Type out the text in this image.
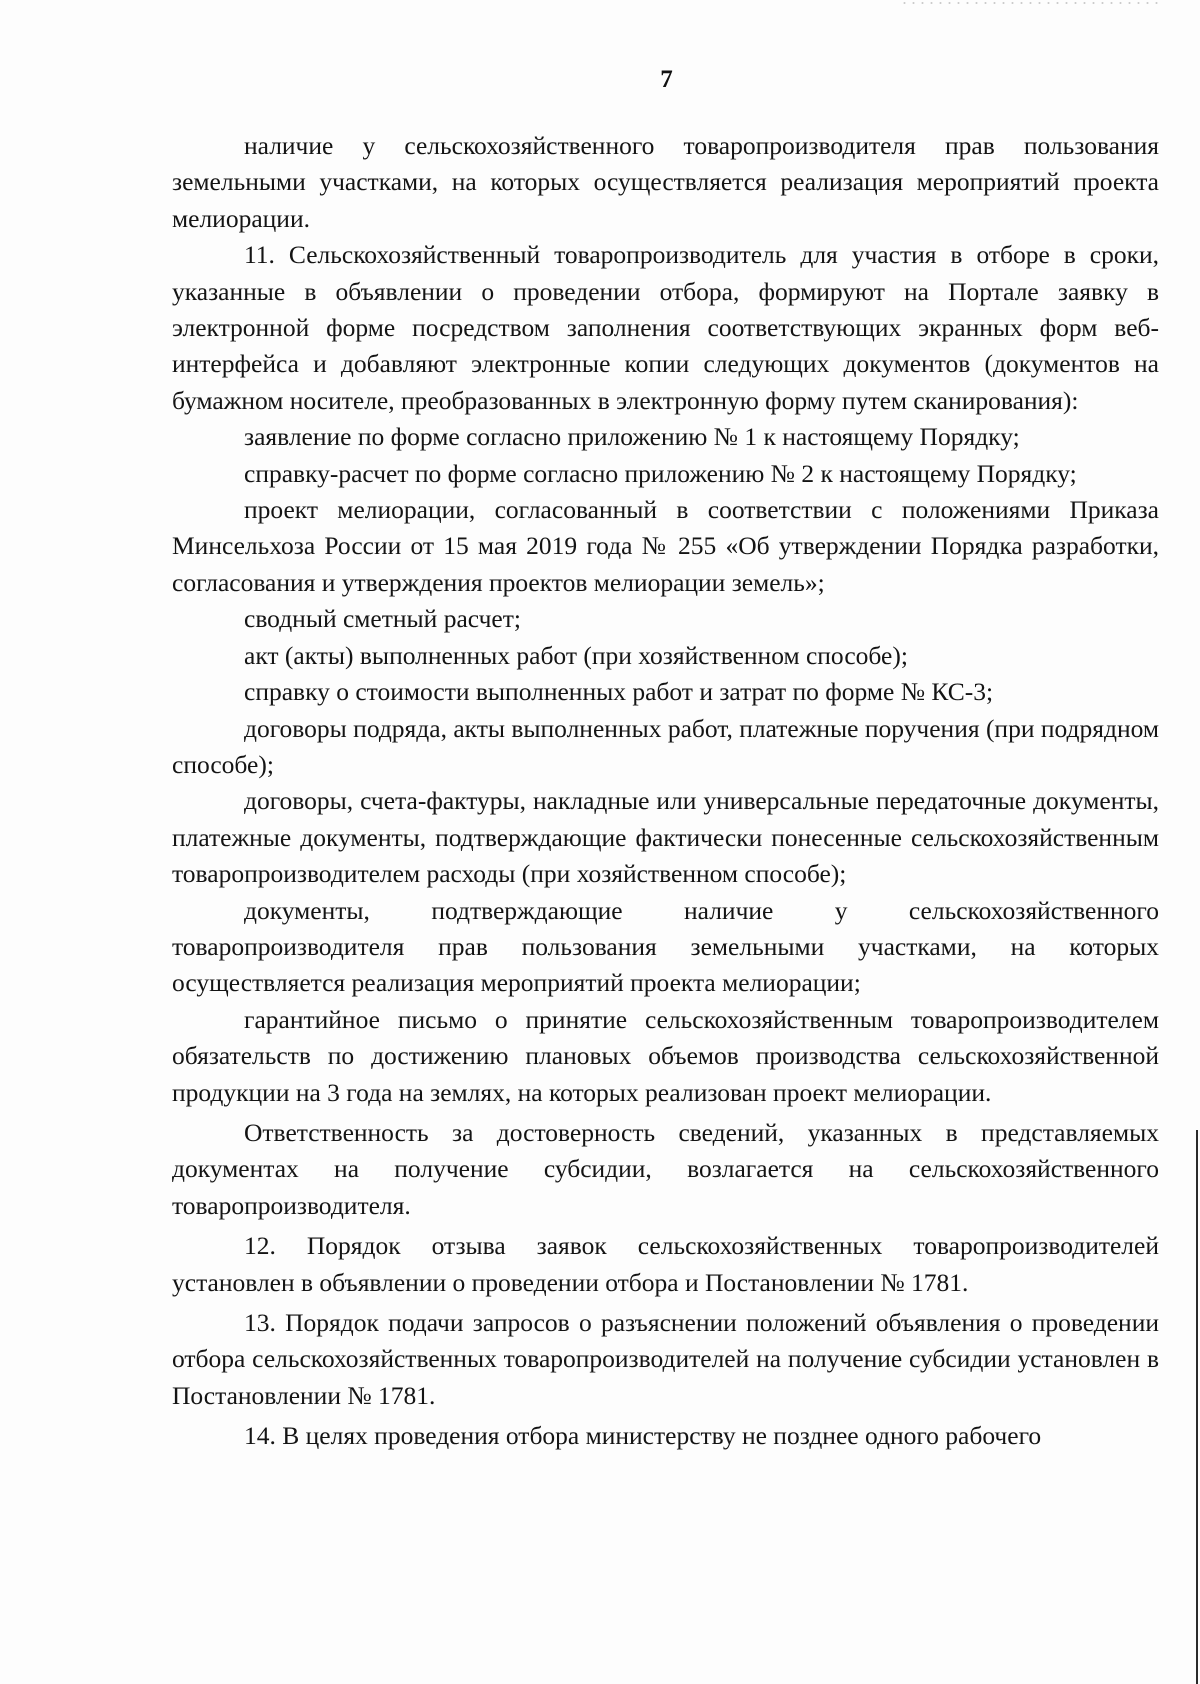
7

наличие у сельскохозяйственного товаропроизводителя прав пользования земельными участками, на которых осуществляется реализация мероприятий проекта мелиорации.

11. Сельскохозяйственный товаропроизводитель для участия в отборе в сроки, указанные в объявлении о проведении отбора, формируют на Портале заявку в электронной форме посредством заполнения соответствующих экранных форм веб-интерфейса и добавляют электронные копии следующих документов (документов на бумажном носителе, преобразованных в электронную форму путем сканирования):

заявление по форме согласно приложению № 1 к настоящему Порядку;

справку-расчет по форме согласно приложению № 2 к настоящему Порядку;

проект мелиорации, согласованный в соответствии с положениями Приказа Минсельхоза России от 15 мая 2019 года № 255 «Об утверждении Порядка разработки, согласования и утверждения проектов мелиорации земель»;

сводный сметный расчет;

акт (акты) выполненных работ (при хозяйственном способе);

справку о стоимости выполненных работ и затрат по форме № КС-3;

договоры подряда, акты выполненных работ, платежные поручения (при подрядном способе);

договоры, счета-фактуры, накладные или универсальные передаточные документы, платежные документы, подтверждающие фактически понесенные сельскохозяйственным товаропроизводителем расходы (при хозяйственном способе);

документы, подтверждающие наличие у сельскохозяйственного товаропроизводителя прав пользования земельными участками, на которых осуществляется реализация мероприятий проекта мелиорации;

гарантийное письмо о принятие сельскохозяйственным товаропроизводителем обязательств по достижению плановых объемов производства сельскохозяйственной продукции на 3 года на землях, на которых реализован проект мелиорации.

Ответственность за достоверность сведений, указанных в представляемых документах на получение субсидии, возлагается на сельскохозяйственного товаропроизводителя.

12. Порядок отзыва заявок сельскохозяйственных товаропроизводителей установлен в объявлении о проведении отбора и Постановлении № 1781.

13. Порядок подачи запросов о разъяснении положений объявления о проведении отбора сельскохозяйственных товаропроизводителей на получение субсидии установлен в Постановлении № 1781.

14. В целях проведения отбора министерству не позднее одного рабочего
